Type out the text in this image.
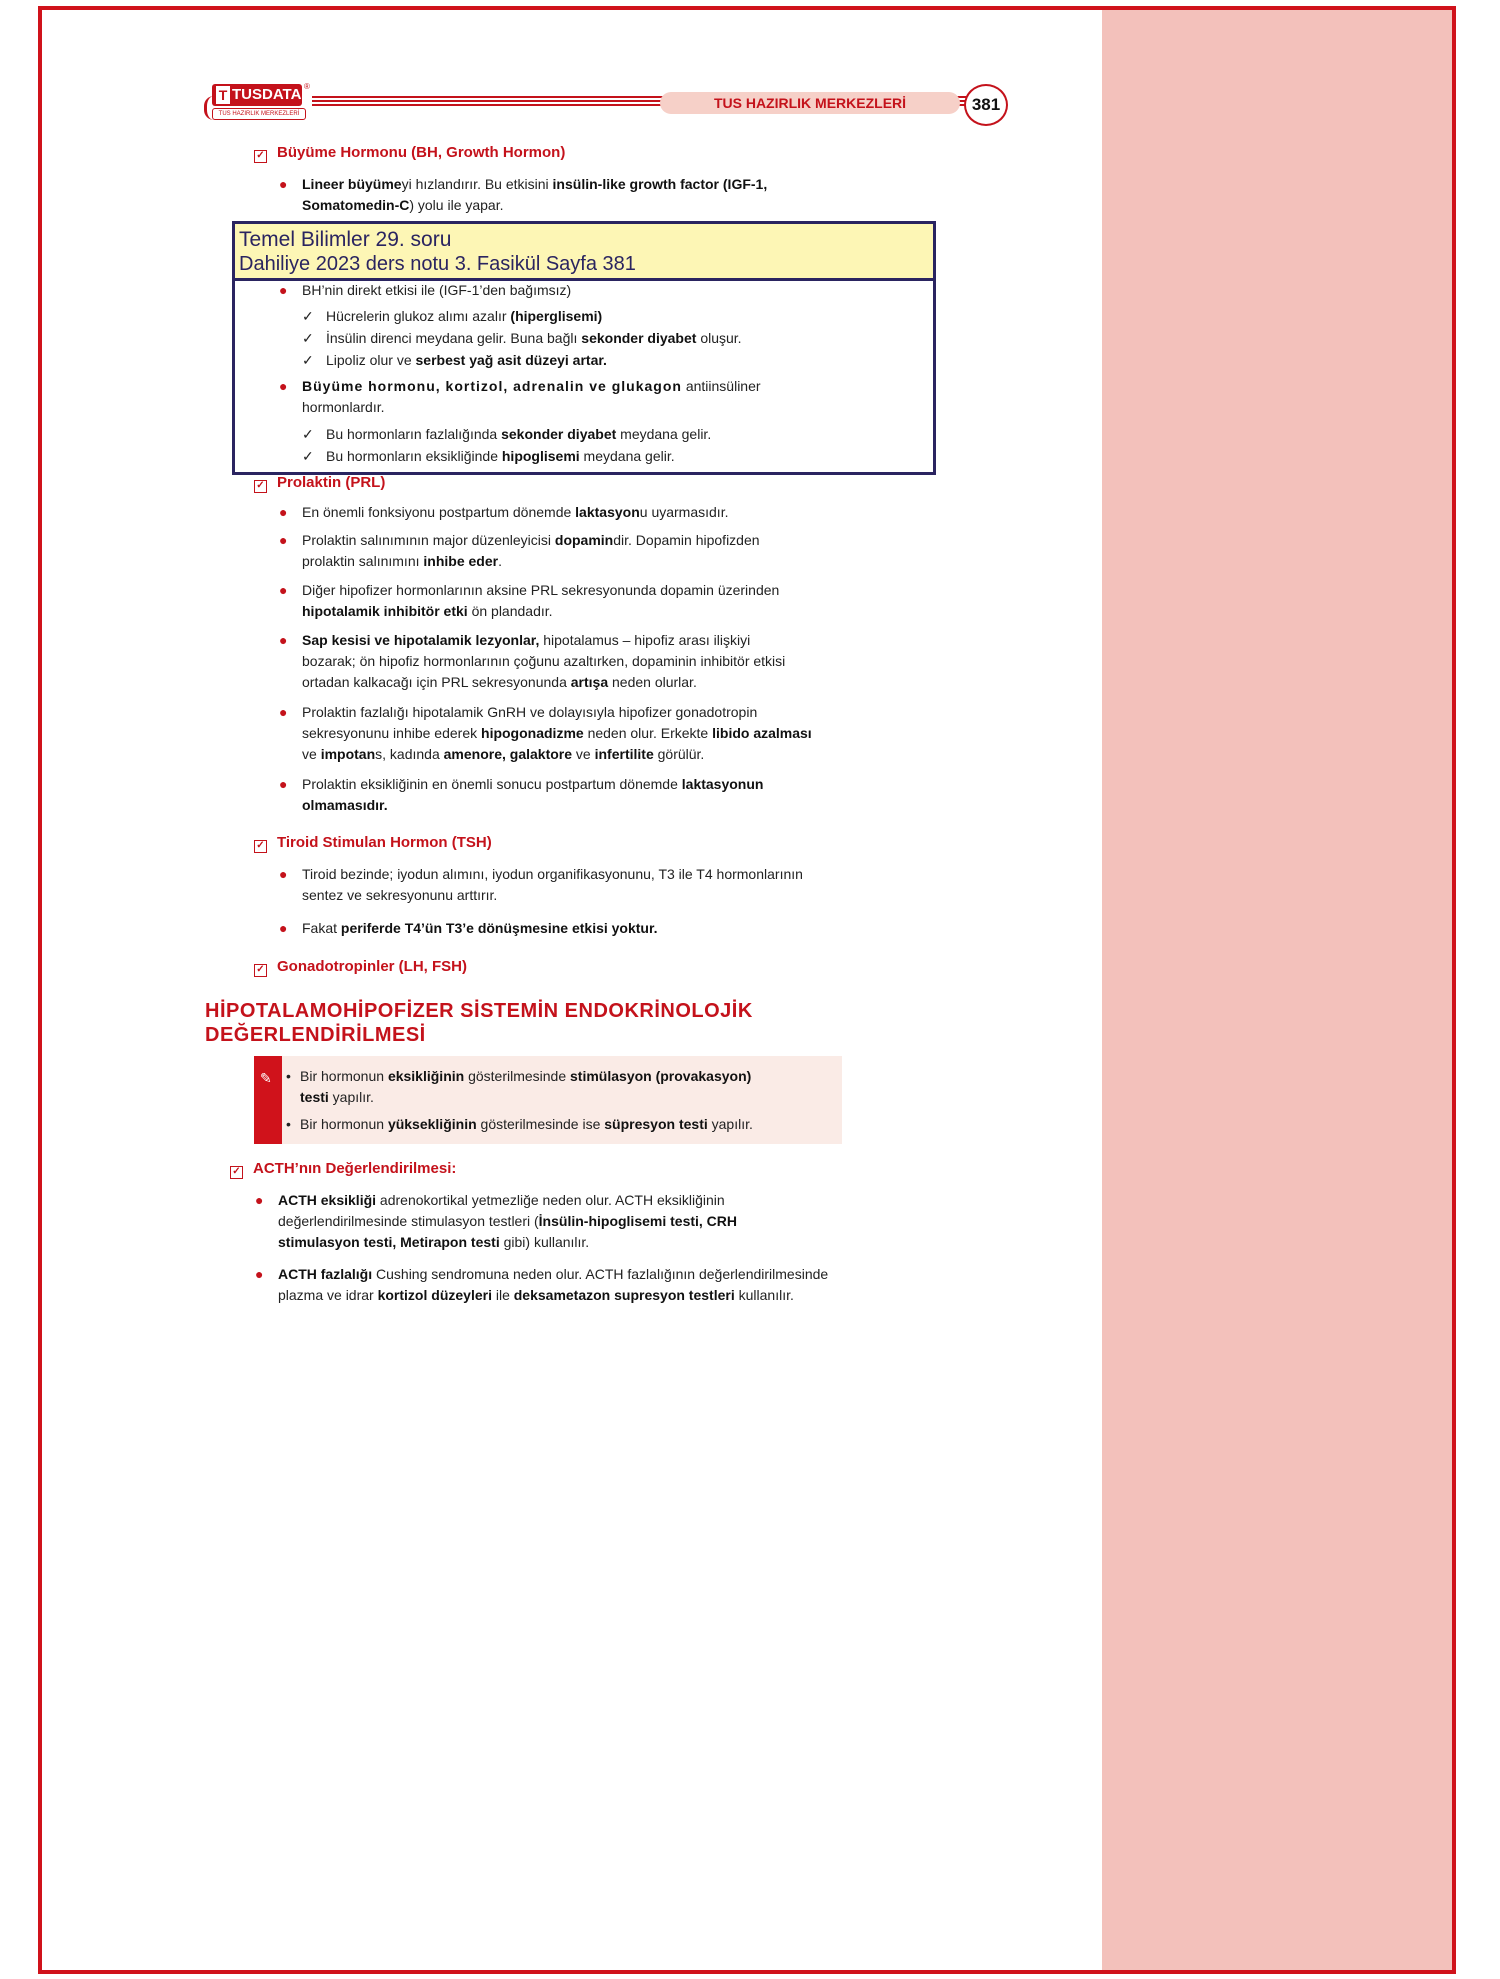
TUSDATA
T
®
TUS HAZIRLIK MERKEZLERİ
TUS HAZIRLIK MERKEZLERİ	381
✓ Büyüme Hormonu (BH, Growth Hormon)
● Lineer büyümeyi hızlandırır. Bu etkisini insülin-like growth factor (IGF-1,
Somatomedin-C) yolu ile yapar.
Temel Bilimler 29. soru
Dahiliye 2023 ders notu 3. Fasikül Sayfa 381
● BH’nin direkt etkisi ile (IGF-1’den bağımsız)
✓ Hücrelerin glukoz alımı azalır (hiperglisemi)
✓ İnsülin direnci meydana gelir. Buna bağlı sekonder diyabet oluşur.
✓ Lipoliz olur ve serbest yağ asit düzeyi artar.
● Büyüme hormonu, kortizol, adrenalin ve glukagon antiinsüliner
hormonlardır.
✓ Bu hormonların fazlalığında sekonder diyabet meydana gelir.
✓ Bu hormonların eksikliğinde hipoglisemi meydana gelir.
✓ Prolaktin (PRL)
● En önemli fonksiyonu postpartum dönemde laktasyonu uyarmasıdır.
● Prolaktin salınımının major düzenleyicisi dopamindir. Dopamin hipofizden
prolaktin salınımını inhibe eder.
● Diğer hipofizer hormonlarının aksine PRL sekresyonunda dopamin üzerinden
hipotalamik inhibitör etki ön plandadır.
● Sap kesisi ve hipotalamik lezyonlar, hipotalamus – hipofiz arası ilişkiyi
bozarak; ön hipofiz hormonlarının çoğunu azaltırken, dopaminin inhibitör etkisi
ortadan kalkacağı için PRL sekresyonunda artışa neden olurlar.
● Prolaktin fazlalığı hipotalamik GnRH ve dolayısıyla hipofizer gonadotropin
sekresyonunu inhibe ederek hipogonadizme neden olur. Erkekte libido azalması
ve impotans, kadında amenore, galaktore ve infertilite görülür.
● Prolaktin eksikliğinin en önemli sonucu postpartum dönemde laktasyonun
olmamasıdır.
✓ Tiroid Stimulan Hormon (TSH)
● Tiroid bezinde; iyodun alımını, iyodun organifikasyonunu, T3 ile T4 hormonlarının
sentez ve sekresyonunu arttırır.
● Fakat periferde T4’ün T3’e dönüşmesine etkisi yoktur.
✓ Gonadotropinler (LH, FSH)
HİPOTALAMOHİPOFİZER SİSTEMİN ENDOKRİNOLOJİK
DEĞERLENDİRİLMESİ
✎ • Bir hormonun eksikliğinin gösterilmesinde stimülasyon (provakasyon)
testi yapılır.
• Bir hormonun yüksekliğinin gösterilmesinde ise süpresyon testi yapılır.
✓ ACTH’nın Değerlendirilmesi:
● ACTH eksikliği adrenokortikal yetmezliğe neden olur. ACTH eksikliğinin
değerlendirilmesinde stimulasyon testleri (İnsülin-hipoglisemi testi, CRH
stimulasyon testi, Metirapon testi gibi) kullanılır.
● ACTH fazlalığı Cushing sendromuna neden olur. ACTH fazlalığının değerlendirilmesinde
plazma ve idrar kortizol düzeyleri ile deksametazon supresyon testleri kullanılır.
